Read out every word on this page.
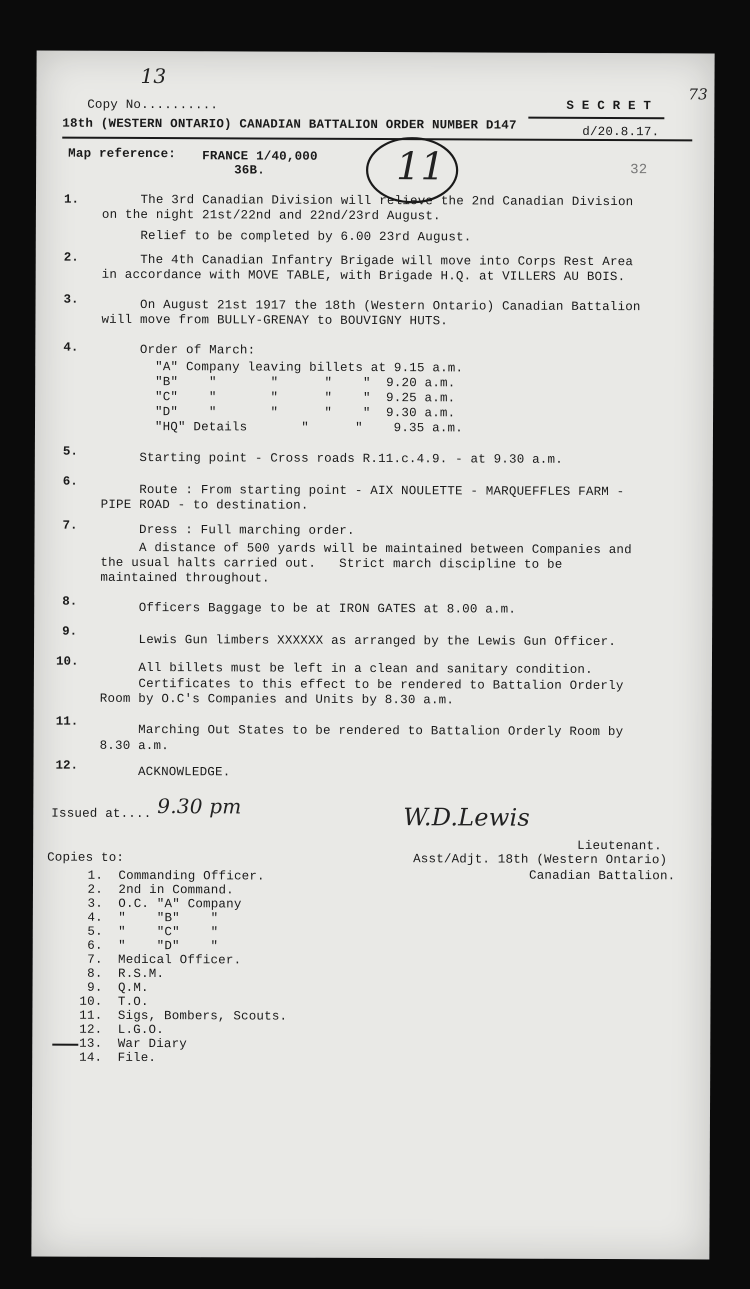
Copy No..........

13
S E C R E T
73
18th (WESTERN ONTARIO) CANADIAN BATTALION ORDER NUMBER D147	d/20.8.17.
Map reference: FRANCE 1/40,000
36B.	11	32
1. The 3rd Canadian Division will relieve the 2nd Canadian Division
on the night 21st/22nd and 22nd/23rd August.
Relief to be completed by 6.00 23rd August.
2. The 4th Canadian Infantry Brigade will move into Corps Rest Area
in accordance with MOVE TABLE, with Brigade H.Q. at VILLERS AU BOIS.
3. On August 21st 1917 the 18th (Western Ontario) Canadian Battalion
will move from BULLY-GRENAY to BOUVIGNY HUTS.
4. Order of March:
"A" Company leaving billets at 9.15 a.m.
"B"    "       "      "    "  9.20 a.m.
"C"    "       "      "    "  9.25 a.m.
"D"    "       "      "    "  9.30 a.m.
"HQ" Details       "      "    9.35 a.m.
5. Starting point - Cross roads R.11.c.4.9. - at 9.30 a.m.
6.
Route : From starting point - AIX NOULETTE - MARQUEFFLES FARM -
PIPE ROAD - to destination.
7. Dress : Full marching order.
A distance of 500 yards will be maintained between Companies and
the usual halts carried out.   Strict march discipline to be
maintained throughout.
8. Officers Baggage to be at IRON GATES at 8.00 a.m.
9.
Lewis Gun limbers XXXXXX as arranged by the Lewis Gun Officer.
10. All billets must be left in a clean and sanitary condition.
Certificates to this effect to be rendered to Battalion Orderly
Room by O.C's Companies and Units by 8.30 a.m.
11.
Marching Out States to be rendered to Battalion Orderly Room by
8.30 a.m.
12. ACKNOWLEDGE.
Issued at.... 9.30 pm	W.D.Lewis
Lieutenant.
Asst/Adjt. 18th (Western Ontario)
Canadian Battalion.
Copies to:
1. Commanding Officer.
2. 2nd in Command.
3. O.C. "A" Company
4. "    "B"    "
5. "    "C"    "
6. "    "D"    "
7. Medical Officer.
8. R.S.M.
9. Q.M.
10. T.O.
11. Sigs, Bombers, Scouts.
12. L.G.O.
13. War Diary
14. File.
